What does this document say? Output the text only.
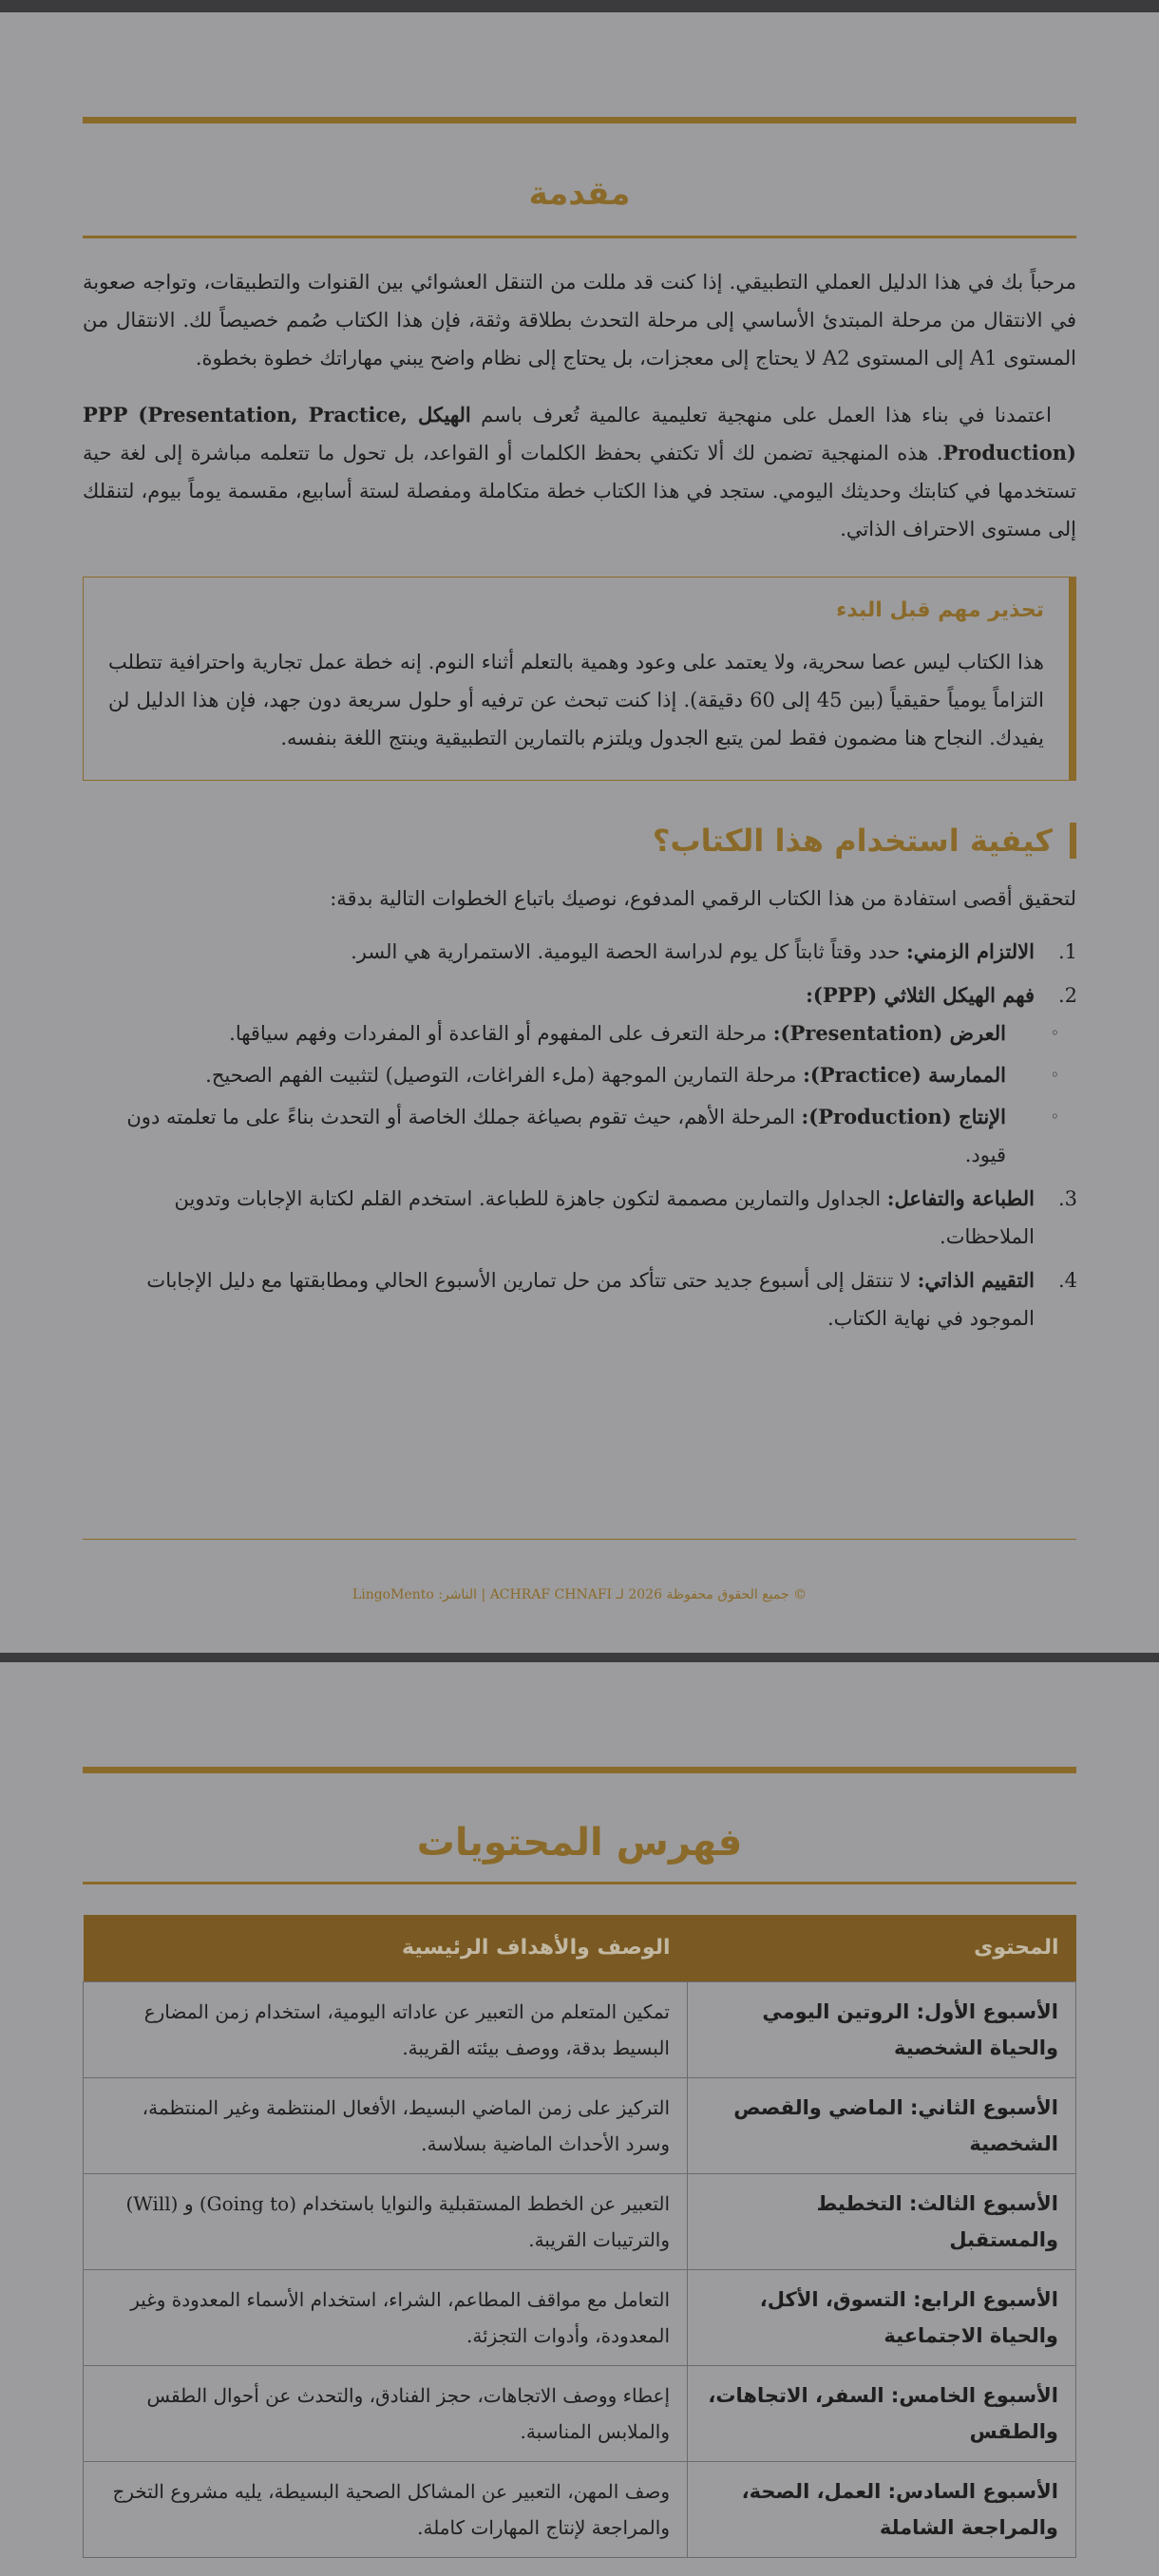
مقدمة

مرحباً بك في هذا الدليل العملي التطبيقي. إذا كنت قد مللت من التنقل العشوائي بين القنوات والتطبيقات، وتواجه صعوبة في الانتقال من مرحلة المبتدئ الأساسي إلى مرحلة التحدث بطلاقة وثقة، فإن هذا الكتاب صُمم خصيصاً لك. الانتقال من المستوى A1 إلى المستوى A2 لا يحتاج إلى معجزات، بل يحتاج إلى نظام واضح يبني مهاراتك خطوة بخطوة.

اعتمدنا في بناء هذا العمل على منهجية تعليمية عالمية تُعرف باسم الهيكل PPP (Presentation, Practice, Production). هذه المنهجية تضمن لك ألا تكتفي بحفظ الكلمات أو القواعد، بل تحول ما تتعلمه مباشرة إلى لغة حية تستخدمها في كتابتك وحديثك اليومي. ستجد في هذا الكتاب خطة متكاملة ومفصلة لستة أسابيع، مقسمة يوماً بيوم، لتنقلك إلى مستوى الاحتراف الذاتي.

تحذير مهم قبل البدء
هذا الكتاب ليس عصا سحرية، ولا يعتمد على وعود وهمية بالتعلم أثناء النوم. إنه خطة عمل تجارية واحترافية تتطلب التزاماً يومياً حقيقياً (بين 45 إلى 60 دقيقة). إذا كنت تبحث عن ترفيه أو حلول سريعة دون جهد، فإن هذا الدليل لن يفيدك. النجاح هنا مضمون فقط لمن يتبع الجدول ويلتزم بالتمارين التطبيقية وينتج اللغة بنفسه.
كيفية استخدام هذا الكتاب؟

لتحقيق أقصى استفادة من هذا الكتاب الرقمي المدفوع، نوصيك باتباع الخطوات التالية بدقة:

1.
الالتزام الزمني: حدد وقتاً ثابتاً كل يوم لدراسة الحصة اليومية. الاستمرارية هي السر.
2.
فهم الهيكل الثلاثي (PPP):
◦
العرض (Presentation): مرحلة التعرف على المفهوم أو القاعدة أو المفردات وفهم سياقها.
◦
الممارسة (Practice): مرحلة التمارين الموجهة (ملء الفراغات، التوصيل) لتثبيت الفهم الصحيح.
◦
الإنتاج (Production): المرحلة الأهم، حيث تقوم بصياغة جملك الخاصة أو التحدث بناءً على ما تعلمته دون قيود.
3.
الطباعة والتفاعل: الجداول والتمارين مصممة لتكون جاهزة للطباعة. استخدم القلم لكتابة الإجابات وتدوين الملاحظات.
4.
التقييم الذاتي: لا تنتقل إلى أسبوع جديد حتى تتأكد من حل تمارين الأسبوع الحالي ومطابقتها مع دليل الإجابات الموجود في نهاية الكتاب.
© جميع الحقوق محفوظة 2026 لـ ACHRAF CHNAFI | الناشر: LingoMento
فهرس المحتويات
المحتوى	الوصف والأهداف الرئيسية
الأسبوع الأول: الروتين اليومي والحياة الشخصية	تمكين المتعلم من التعبير عن عاداته اليومية، استخدام زمن المضارع البسيط بدقة، ووصف بيئته القريبة.
الأسبوع الثاني: الماضي والقصص الشخصية	التركيز على زمن الماضي البسيط، الأفعال المنتظمة وغير المنتظمة، وسرد الأحداث الماضية بسلاسة.
الأسبوع الثالث: التخطيط والمستقبل	التعبير عن الخطط المستقبلية والنوايا باستخدام (Going to) و (Will) والترتيبات القريبة.
الأسبوع الرابع: التسوق، الأكل، والحياة الاجتماعية	التعامل مع مواقف المطاعم، الشراء، استخدام الأسماء المعدودة وغير المعدودة، وأدوات التجزئة.
الأسبوع الخامس: السفر، الاتجاهات، والطقس	إعطاء ووصف الاتجاهات، حجز الفنادق، والتحدث عن أحوال الطقس والملابس المناسبة.
الأسبوع السادس: العمل، الصحة، والمراجعة الشاملة	وصف المهن، التعبير عن المشاكل الصحية البسيطة، يليه مشروع التخرج والمراجعة لإنتاج المهارات كاملة.
